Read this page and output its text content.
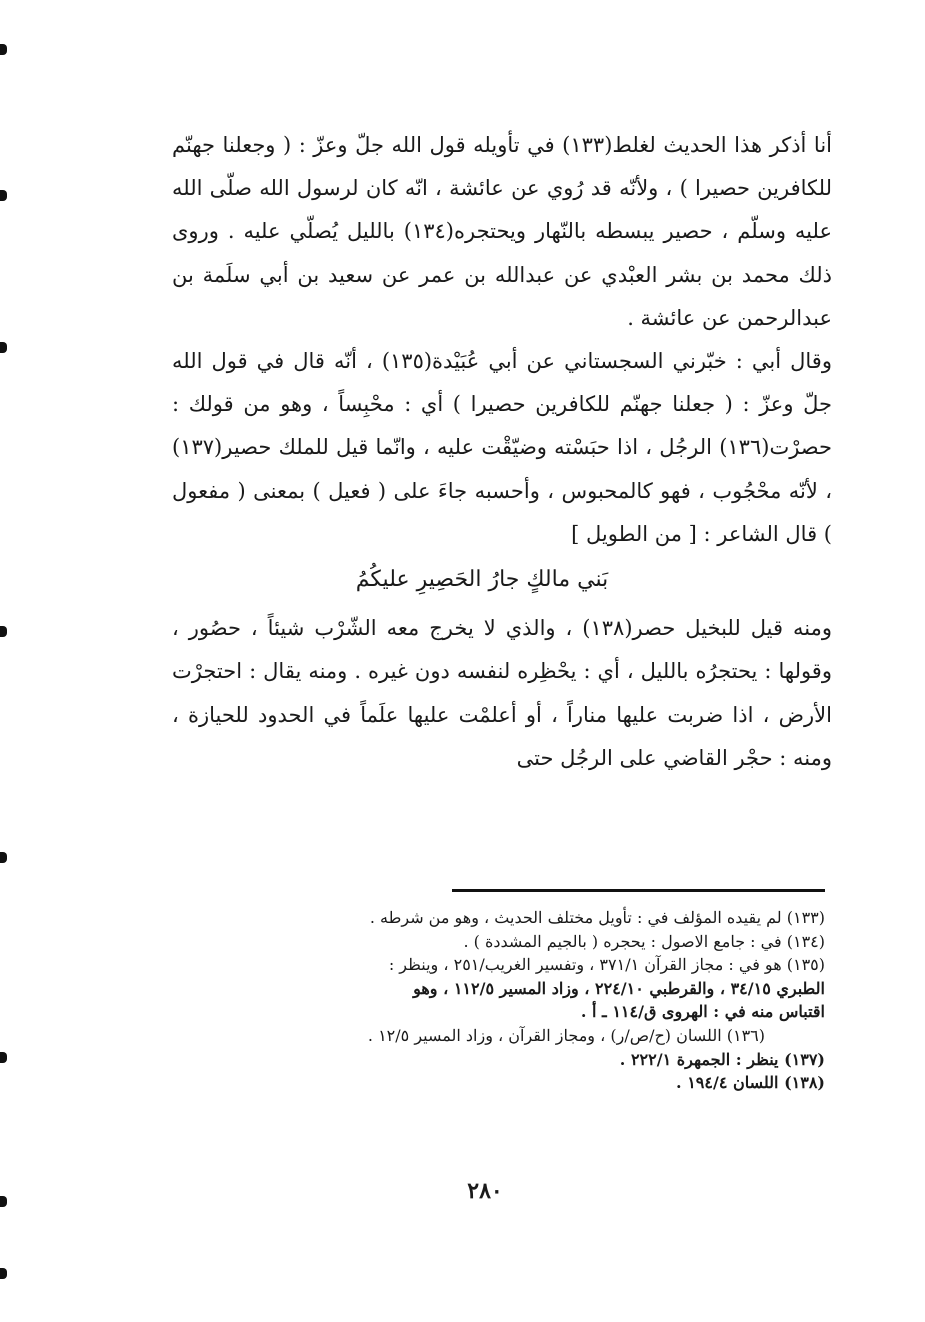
أنا أذكر هذا الحديث لغلط(١٣٣) في تأويله قول الله جلّ وعزّ : ( وجعلنا جهنّم للكافرين حصيرا ) ، ولأنّه قد رُوي عن عائشة ، انّه كان لرسول الله صلّى الله عليه وسلّم ، حصير يبسطه بالنّهار ويحتجره(١٣٤) بالليل يُصلّي عليه . وروى ذلك محمد بن بشر العبْدي عن عبدالله بن عمر عن سعيد بن أبي سلَمة بن عبدالرحمن عن عائشة .

وقال أبي : خبّرني السجستاني عن أبي عُبَيْدة(١٣٥) ، أنّه قال في قول الله جلّ وعزّ : ( جعلنا جهنّم للكافرين حصيرا ) أي : محْبِساً ، وهو من قولك : حصرْت(١٣٦) الرجُل ، اذا حبَسْته وضيّقْت عليه ، وانّما قيل للملك حصير(١٣٧) ، لأنّه محْجُوب ، فهو كالمحبوس ، وأحسبه جاءَ على ( فعيل ) بمعنى ( مفعول ) قال الشاعر : [ من الطويل ]

بَني مالكٍ جارُ الحَصِيرِ عليكُمُ

ومنه قيل للبخيل حصر(١٣٨) ، والذي لا يخرج معه الشّرْب شيئاً ، حصُور ، وقولها : يحتجرُه بالليل ، أي : يحْظِره لنفسه دون غيره . ومنه يقال : احتجرْت الأرض ، اذا ضربت عليها مناراً ، أو أعلمْت عليها علَماً في الحدود للحيازة ، ومنه : حجْر القاضي على الرجُل حتى

(١٣٣) لم يقيده المؤلف في : تأويل مختلف الحديث ، وهو من شرطه .

(١٣٤) في : جامع الاصول : يحجره ( بالجيم المشددة ) .

(١٣٥) هو في : مجاز القرآن ٣٧١/١ ، وتفسير الغريب/٢٥١ ، وينظر :

الطبري ٣٤/١٥ ، والقرطبي ٢٢٤/١٠ ، وزاد المسير ١١٢/٥ ، وهو

اقتباس منه في : الهروى ق/١١٤ ـ أ .

(١٣٦) اللسان (ح/ص/ر) ، ومجاز القرآن ، وزاد المسير ١٢/٥ .

(١٣٧) ينظر : الجمهرة ٢٢٢/١ .

(١٣٨) اللسان ١٩٤/٤ .

٢٨٠
